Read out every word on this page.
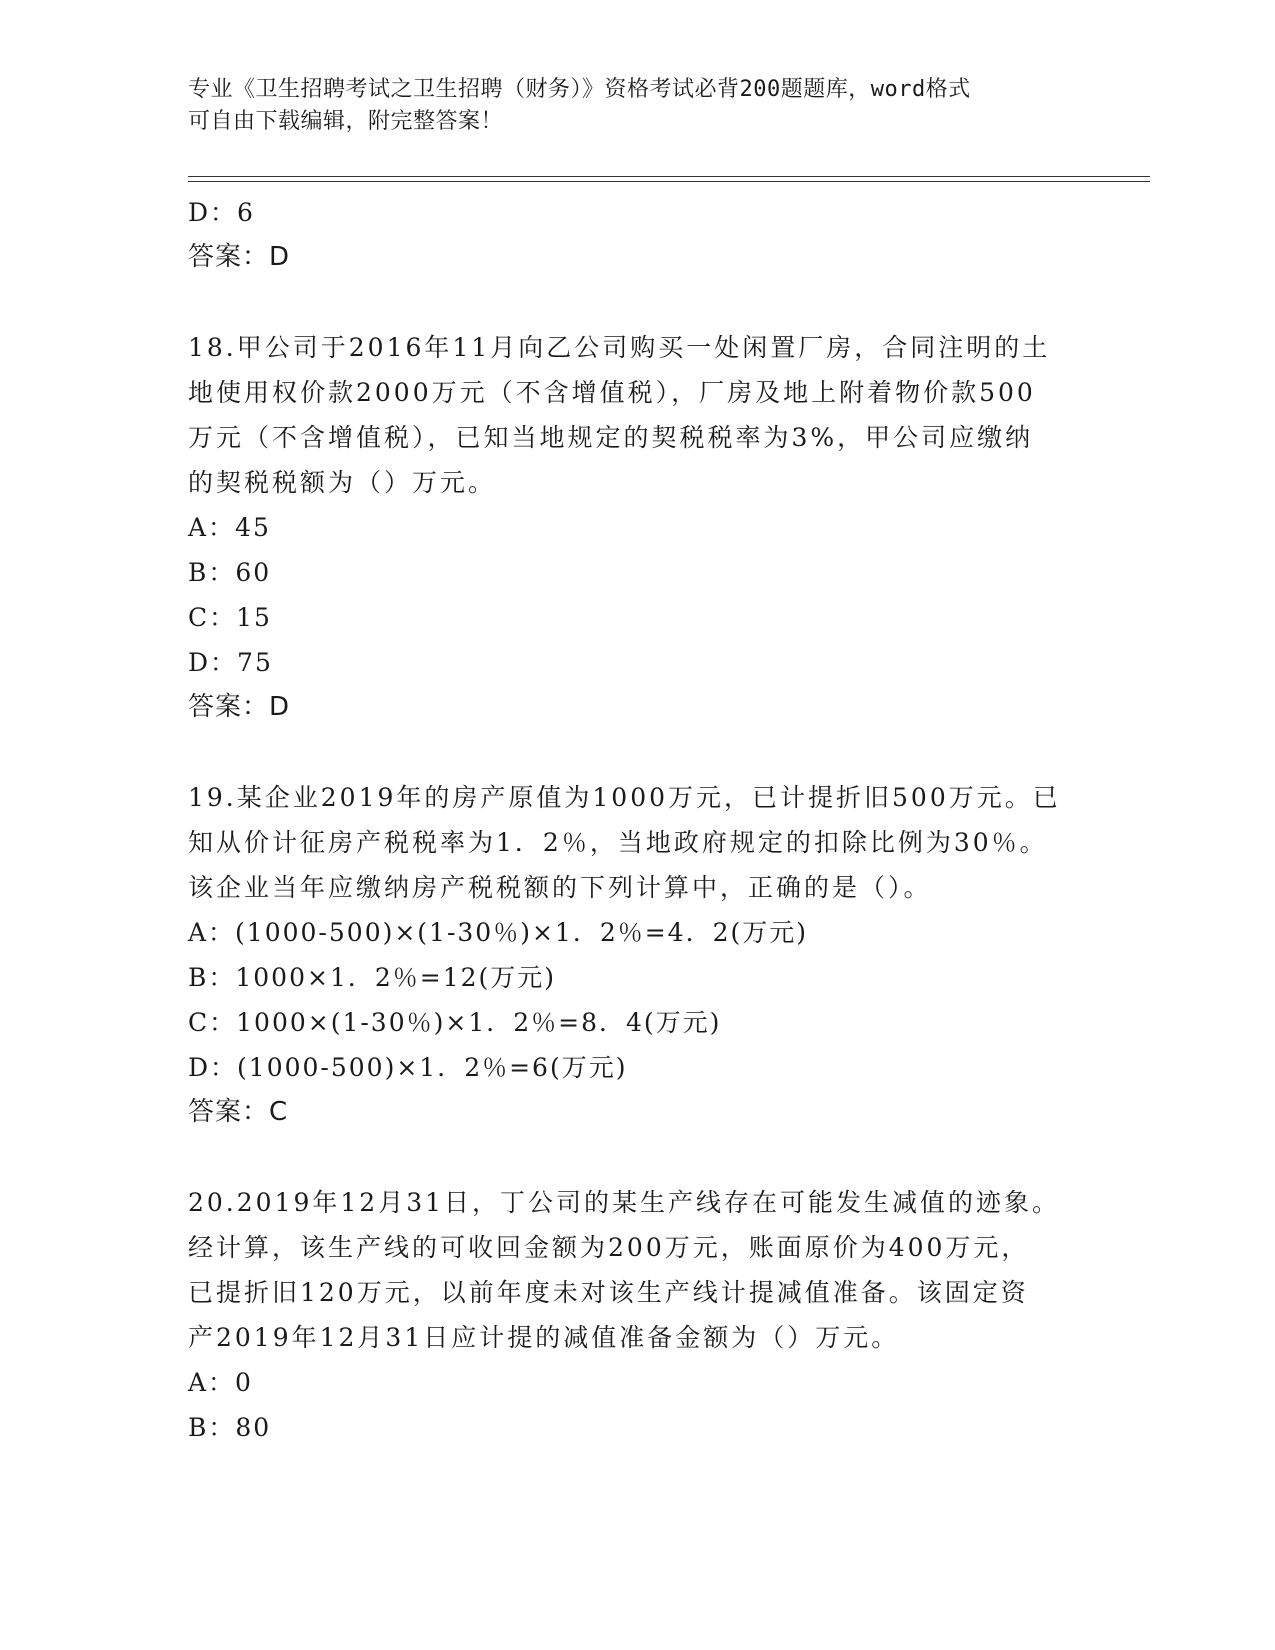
专业《卫生招聘考试之卫生招聘（财务）》资格考试必背200题题库，word格式
可自由下载编辑，附完整答案！
D：6
答案：D
18.甲公司于2016年11月向乙公司购买一处闲置厂房，合同注明的土
地使用权价款2000万元（不含增值税），厂房及地上附着物价款500
万元（不含增值税），已知当地规定的契税税率为3%，甲公司应缴纳
的契税税额为（）万元。
A：45
B：60
C：15
D：75
答案：D
19.某企业2019年的房产原值为1000万元，已计提折旧500万元。已
知从价计征房产税税率为1．2％，当地政府规定的扣除比例为30％。
该企业当年应缴纳房产税税额的下列计算中，正确的是（）。
A：(1000-500)×(1-30％)×1．2％=4．2(万元)
B：1000×1．2％=12(万元)
C：1000×(1-30％)×1．2％=8．4(万元)
D：(1000-500)×1．2％=6(万元)
答案：C
20.2019年12月31日，丁公司的某生产线存在可能发生减值的迹象。
经计算，该生产线的可收回金额为200万元，账面原价为400万元，
已提折旧120万元，以前年度未对该生产线计提减值准备。该固定资
产2019年12月31日应计提的减值准备金额为（）万元。
A：0
B：80
